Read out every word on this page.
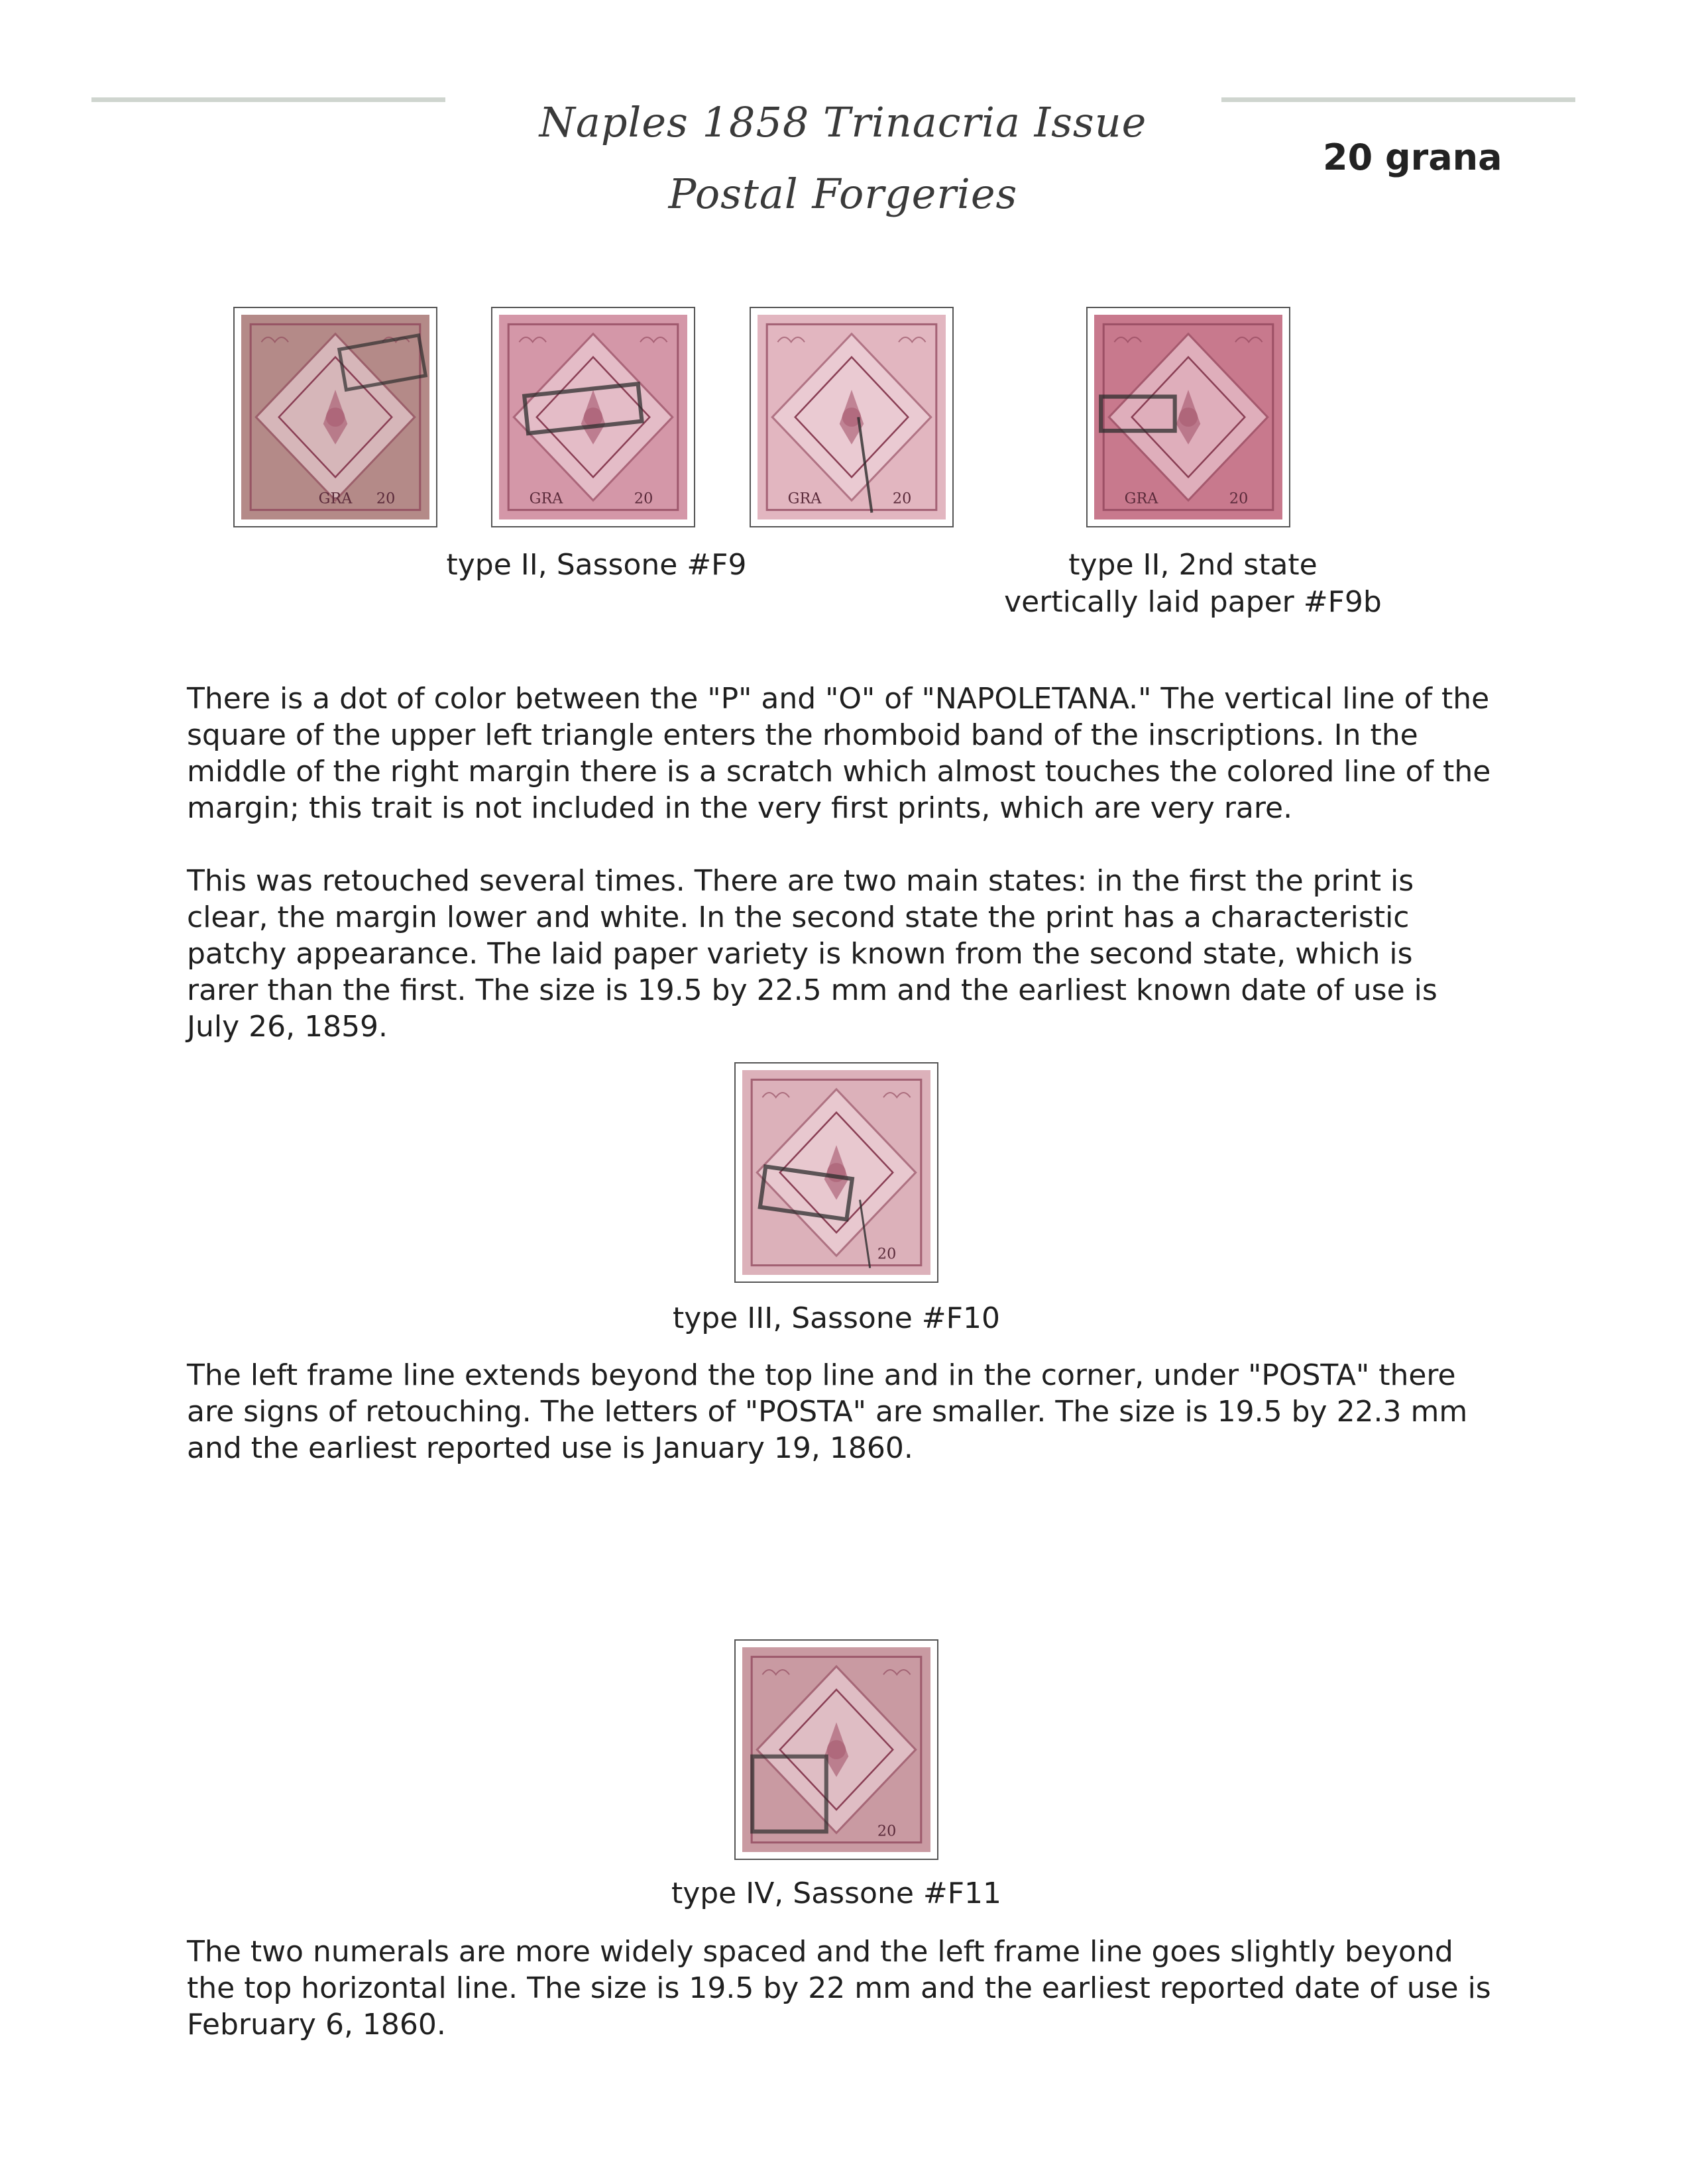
Naples 1858 Trinacria Issue
Postal Forgeries
20 grana
GRA 20	GRA	20	GRA	20	GRA	20
type II, Sassone #F9	type II, 2nd state
vertically laid paper #F9b

There is a dot of color between the "P" and "O" of "NAPOLETANA." The vertical line of the square of the upper left triangle enters the rhomboid band of the inscriptions. In the middle of the right margin there is a scratch which almost touches the colored line of the margin; this trait is not included in the very first prints, which are very rare.

This was retouched several times. There are two main states: in the first the print is clear, the margin lower and white. In the second state the print has a characteristic patchy appearance. The laid paper variety is known from the second state, which is rarer than the first. The size is 19.5 by 22.5 mm and the earliest known date of use is July 26, 1859.

20
type III, Sassone #F10

The left frame line extends beyond the top line and in the corner, under "POSTA" there are signs of retouching. The letters of "POSTA" are smaller. The size is 19.5 by 22.3 mm and the earliest reported use is January 19, 1860.

20
type IV, Sassone #F11

The two numerals are more widely spaced and the left frame line goes slightly beyond the top horizontal line. The size is 19.5 by 22 mm and the earliest reported date of use is February 6, 1860.
